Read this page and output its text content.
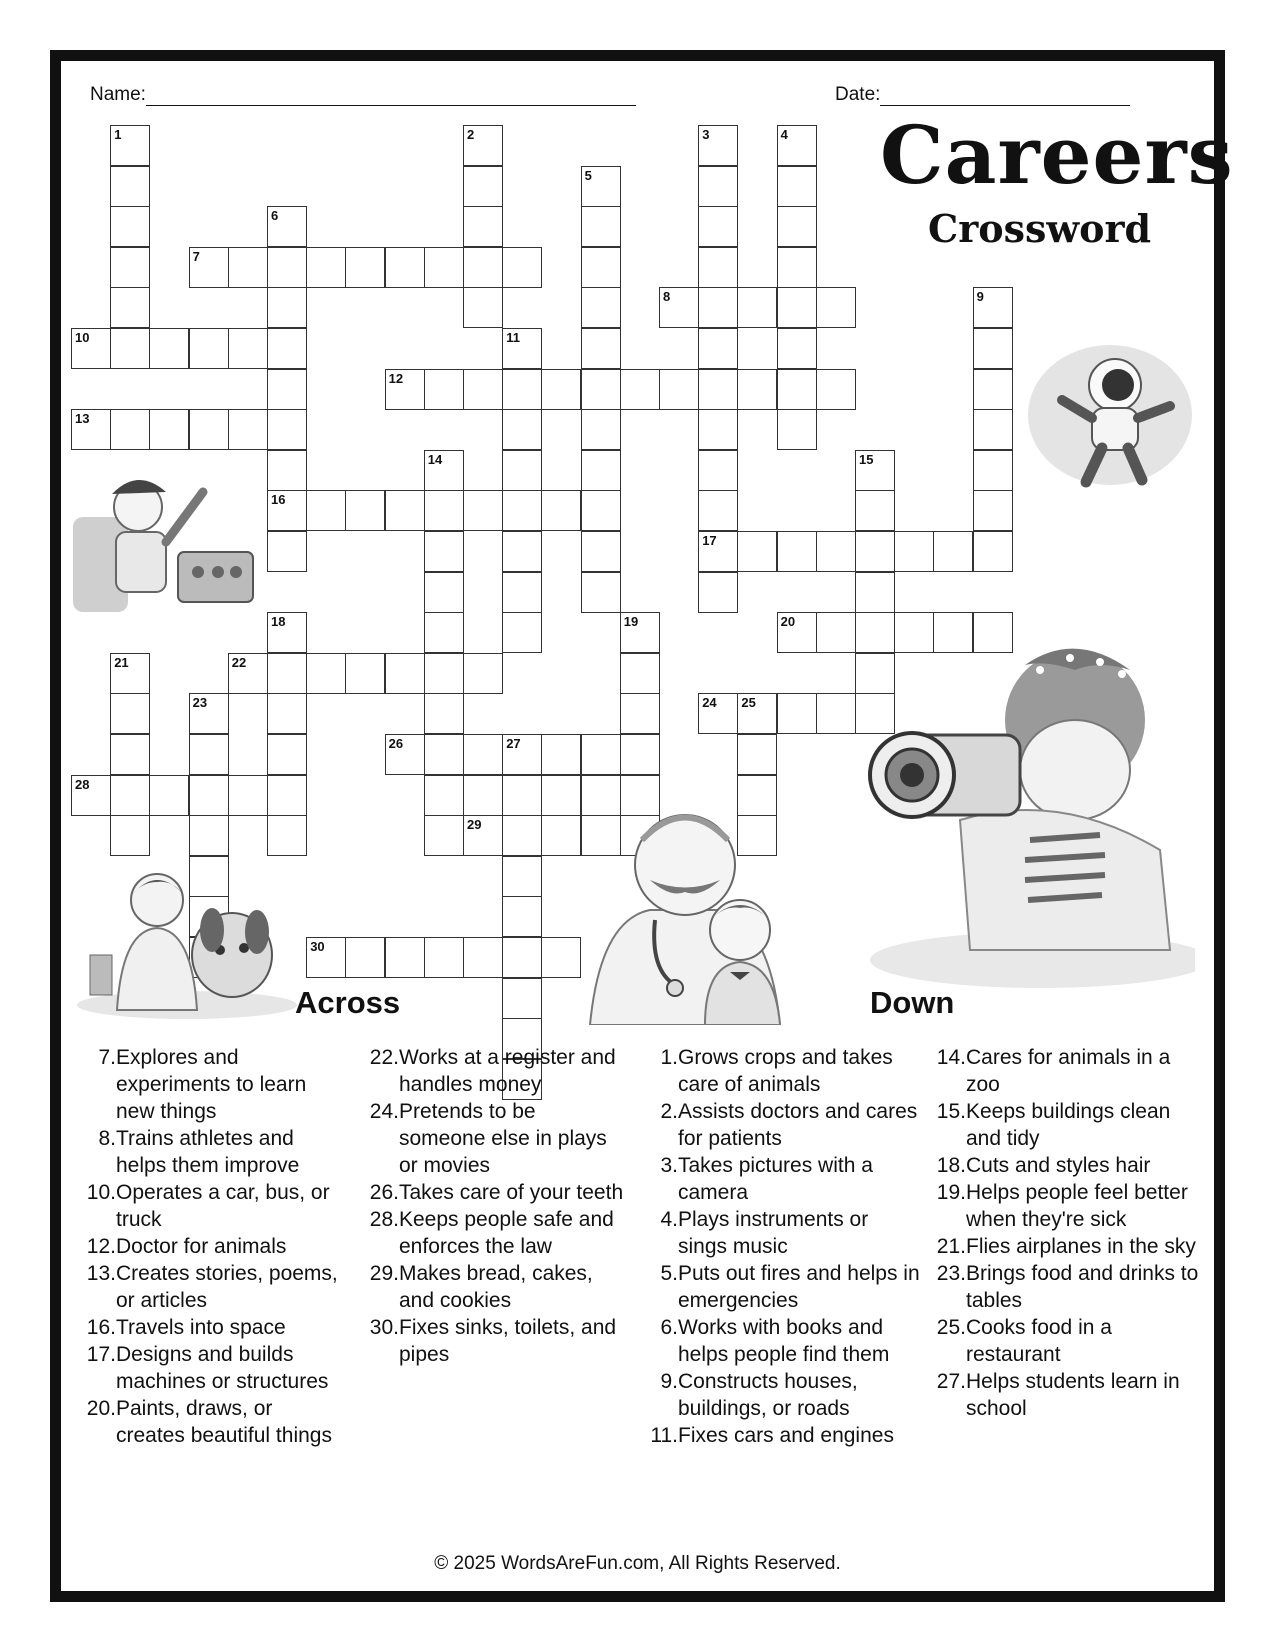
Name:	Date:
Careers
Crossword
1	2	3
17
4
5
6
16
7
8	9
10	11
12
13
14	15
18	19	20
21	22
23	24 25
26	27
28
29
30
Across	Down
7. Explores and experiments to learn new things
8. Trains athletes and helps them improve
10. Operates a car, bus, or truck
12. Doctor for animals
13. Creates stories, poems, or articles
16. Travels into space
17. Designs and builds machines or structures
20. Paints, draws, or creates beautiful things
22. Works at a register and handles money
24. Pretends to be someone else in plays or movies
26. Takes care of your teeth
28. Keeps people safe and enforces the law
29. Makes bread, cakes, and cookies
30. Fixes sinks, toilets, and pipes
1. Grows crops and takes care of animals
2. Assists doctors and cares for patients
3. Takes pictures with a camera
4. Plays instruments or sings music
5. Puts out fires and helps in emergencies
6. Works with books and helps people find them
9. Constructs houses, buildings, or roads
11. Fixes cars and engines
14. Cares for animals in a zoo
15. Keeps buildings clean and tidy
18. Cuts and styles hair
19. Helps people feel better when they're sick
21. Flies airplanes in the sky
23. Brings food and drinks to tables
25. Cooks food in a restaurant
27. Helps students learn in school
© 2025 WordsAreFun.com, All Rights Reserved.
